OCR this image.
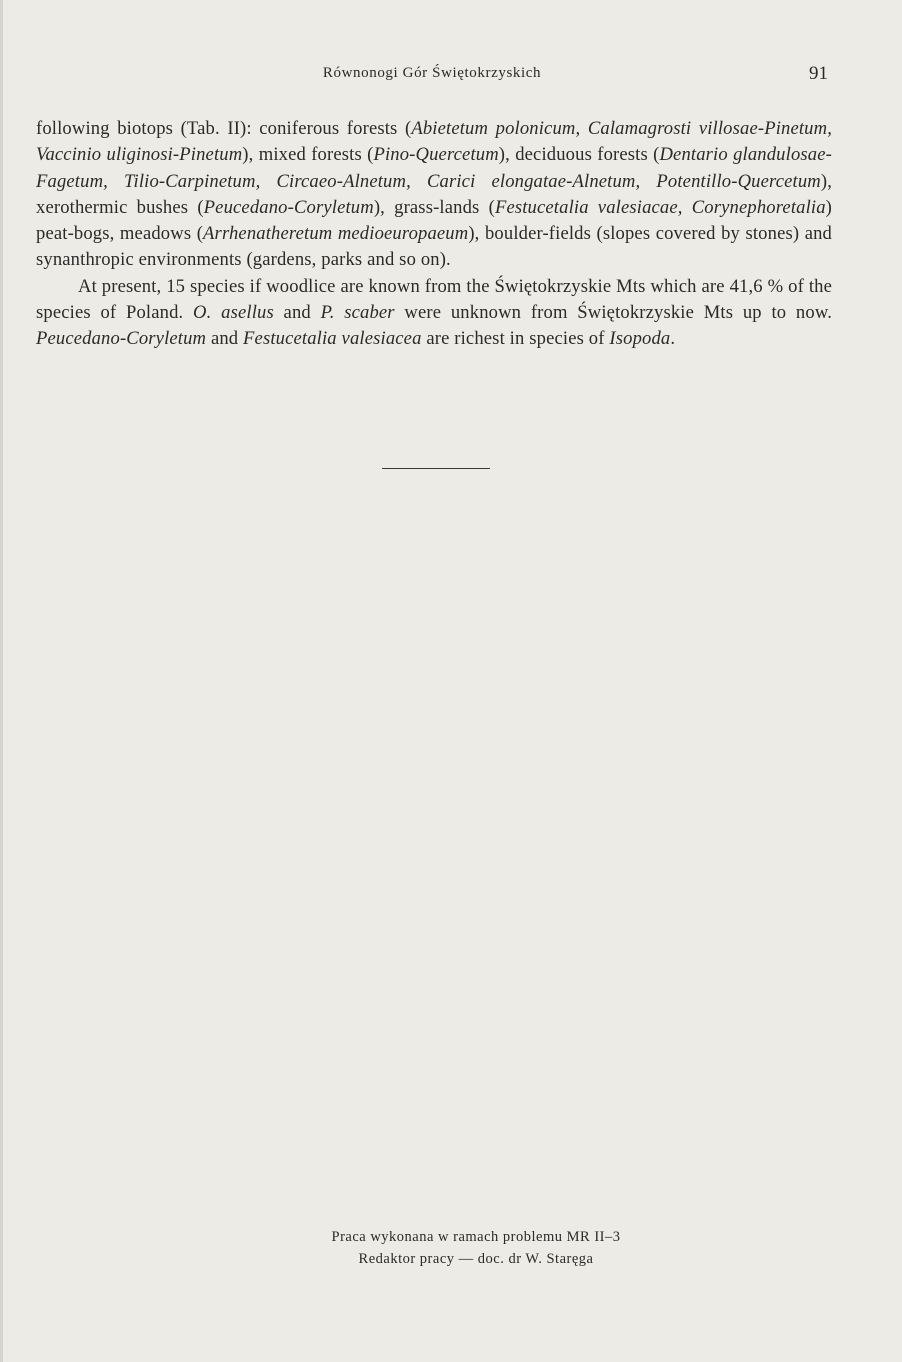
Równonogi Gór Świętokrzyskich	91

following biotops (Tab. II): coniferous forests (Abietetum polonicum, Calamagrosti villosae-Pinetum, Vaccinio uliginosi-Pinetum), mixed forests (Pino-Quercetum), deciduous forests (Dentario glandulosae-Fagetum, Tilio-Carpinetum, Circaeo-Alnetum, Carici elongatae-Alnetum, Potentillo-Quercetum), xerothermic bushes (Peucedano-Coryletum), grass-lands (Festucetalia valesiacae, Corynephoretalia) peat-bogs, meadows (Arrhenatheretum medioeuropaeum), boulder-fields (slopes covered by stones) and synanthropic environments (gardens, parks and so on).

At present, 15 species if woodlice are known from the Świętokrzyskie Mts which are 41,6 % of the species of Poland. O. asellus and P. scaber were unknown from Świętokrzyskie Mts up to now. Peucedano-Coryletum and Festucetalia valesiacea are richest in species of Isopoda.

Praca wykonana w ramach problemu MR II–3
Redaktor pracy — doc. dr W. Staręga
